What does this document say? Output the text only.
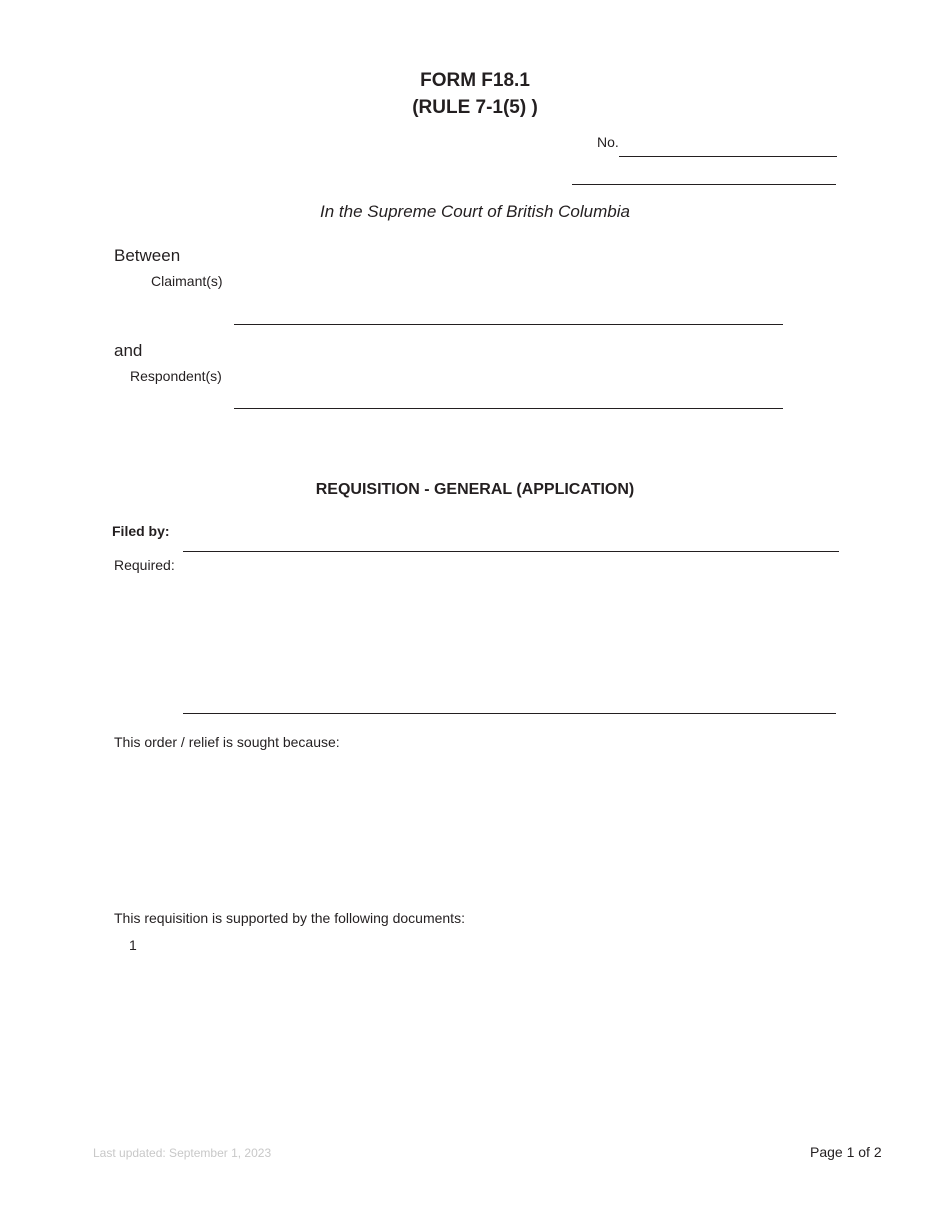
FORM F18.1
(RULE 7-1(5) )
No.
In the Supreme Court of British Columbia
Between
Claimant(s)
and
Respondent(s)
REQUISITION - GENERAL (APPLICATION)
Filed by:
Required:
This order / relief is sought because:
This requisition is supported by the following documents:
1
Last updated: September 1, 2023	Page 1 of 2
